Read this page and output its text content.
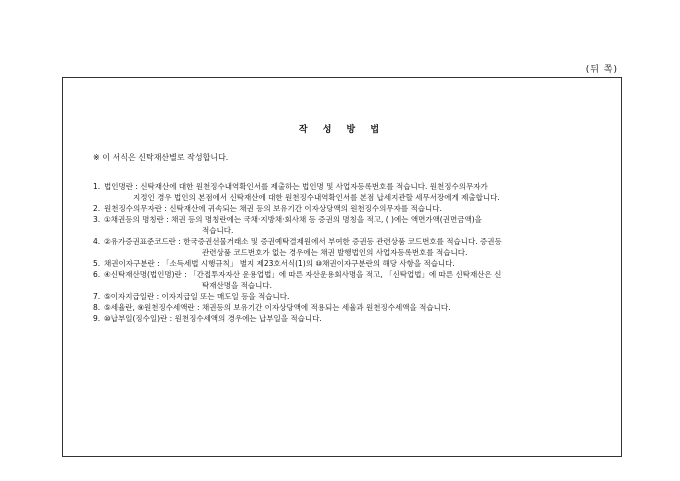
(뒤 쪽)
작 성 방 법
※ 이 서식은 신탁재산별로 작성합니다.
1. 법인명란 : 신탁재산에 대한 원천징수내역확인서를 제출하는 법인명 및 사업자등록번호를 적습니다. 원천징수의무자가
지정인 경우 법인의 본점에서 신탁재산에 대한 원천징수내역확인서를 본점 납세지관할 세무서장에게 제출합니다.
2. 원천징수의무자란 : 신탁재산에 귀속되는 채권 등의 보유기간 이자상당액의 원천징수의무자를 적습니다.
3. ①채권등의 명칭란 : 채권 등의 명칭란에는 국채·지방채·회사채 등 증권의 명칭을 적고, ( )에는 액면가액(권면금액)을
적습니다.
4. ②유가증권표준코드란 : 한국증권선물거래소 및 증권예탁결제원에서 부여한 증권등 관련상품 코드번호를 적습니다. 증권등
관련상품 코드번호가 없는 경우에는 채권 발행법인의 사업자등록번호를 적습니다.
5. 채권이자구분란 : 「소득세법 시행규칙」 별지 제23호서식(1)의 ⑩채권이자구분란의 해당 사항을 적습니다.
6. ④신탁재산명(법인명)란 : 「간접투자자산 운용업법」에 따른 자산운용회사명을 적고, 「신탁업법」에 따른 신탁재산은 신
탁재산명을 적습니다.
7. ⑤이자지급일란 : 이자지급일 또는 매도일 등을 적습니다.
8. ⑤세율란, ⑨원천징수세액란 : 채권등의 보유기간 이자상당액에 적용되는 세율과 원천징수세액을 적습니다.
9. ⑩납부일(징수일)란 : 원천징수세액의 경우에는 납부일을 적습니다.
